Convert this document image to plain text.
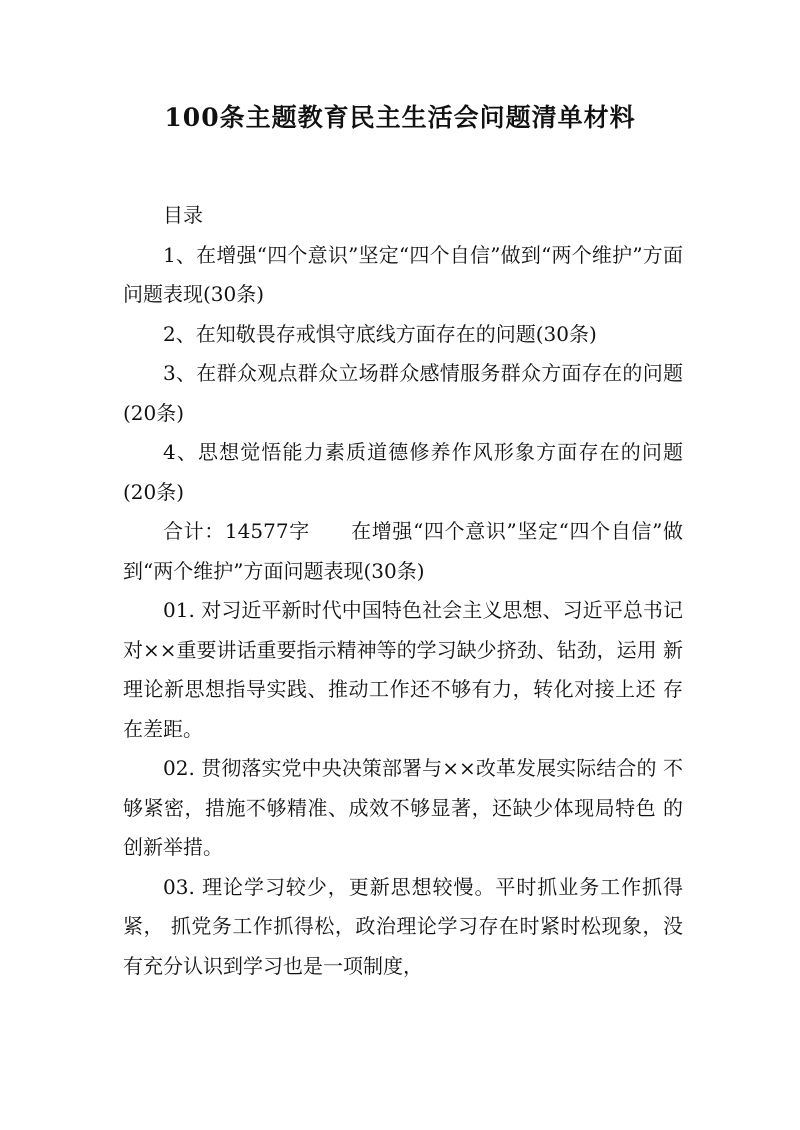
100条主题教育民主生活会问题清单材料

目录

1、在增强“四个意识”坚定“四个自信”做到“两个维护”方面问题表现(30条)

2、在知敬畏存戒惧守底线方面存在的问题(30条)

3、在群众观点群众立场群众感情服务群众方面存在的问题(20条)

4、思想觉悟能力素质道德修养作风形象方面存在的问题(20条)

合计：14577字　　在增强“四个意识”坚定“四个自信”做到“两个维护”方面问题表现(30条)

01. 对习近平新时代中国特色社会主义思想、习近平总书记对××重要讲话重要指示精神等的学习缺少挤劲、钻劲，运用 新理论新思想指导实践、推动工作还不够有力，转化对接上还 存在差距。

02. 贯彻落实党中央决策部署与××改革发展实际结合的 不够紧密，措施不够精准、成效不够显著，还缺少体现局特色 的创新举措。

03. 理论学习较少，更新思想较慢。平时抓业务工作抓得紧， 抓党务工作抓得松，政治理论学习存在时紧时松现象，没有充分认识到学习也是一项制度，
